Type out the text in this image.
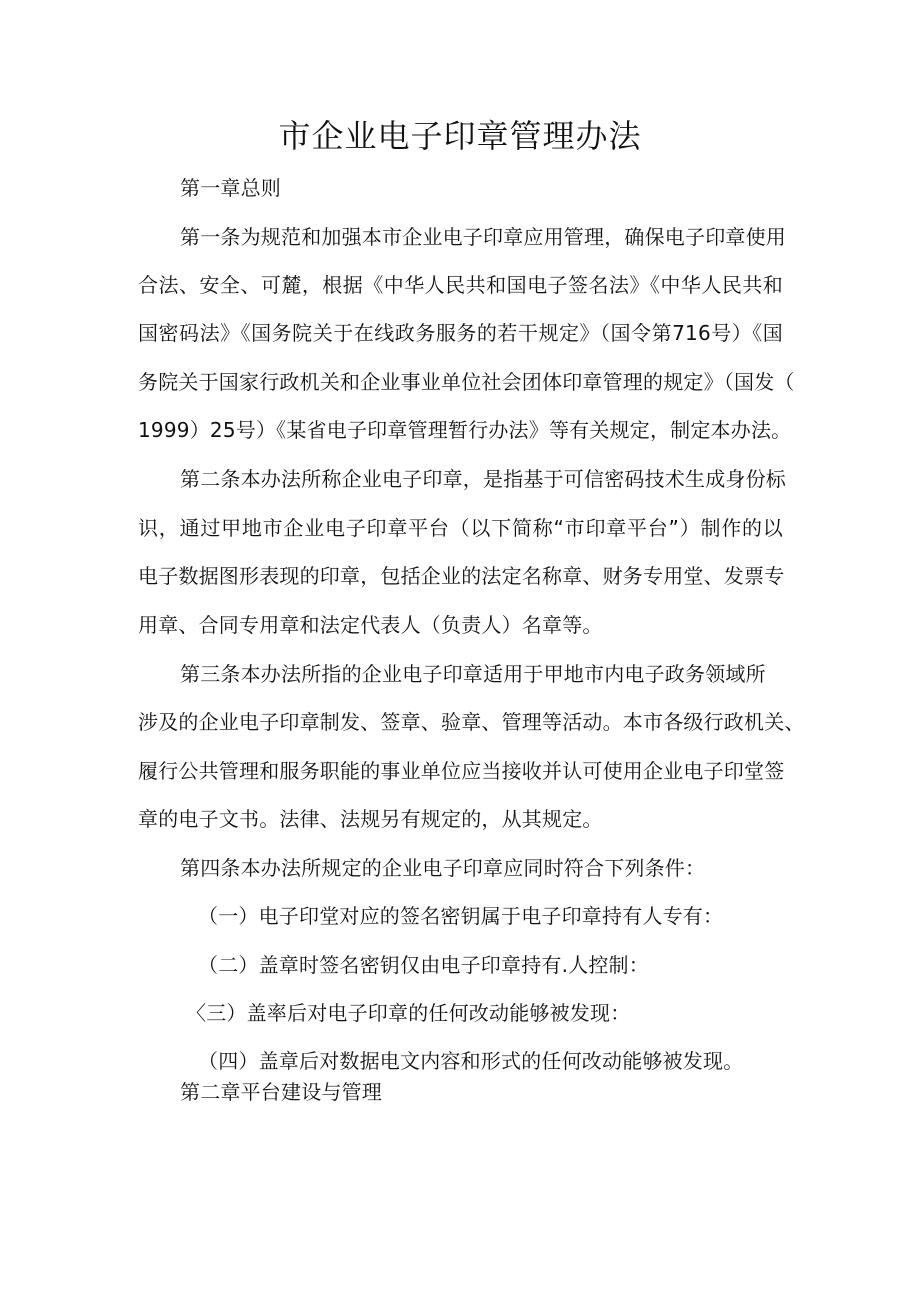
市企业电子印章管理办法

第一章总则

第一条为规范和加强本市企业电子印章应用管理，确保电子印章使用

合法、安全、可麓，根据《中华人民共和国电子签名法》《中华人民共和

国密码法》《国务院关于在线政务服务的若干规定》（国令第716号）《国

务院关于国家行政机关和企业事业单位社会团体印章管理的规定》（国发（

1999）25号）《某省电子印章管理暂行办法》等有关规定，制定本办法。

第二条本办法所称企业电子印章，是指基于可信密码技术生成身份标

识，通过甲地市企业电子印章平台（以下简称“市印章平台”）制作的以

电子数据图形表现的印章，包括企业的法定名称章、财务专用堂、发票专

用章、合同专用章和法定代表人（负责人）名章等。

第三条本办法所指的企业电子印章适用于甲地市内电子政务领域所

涉及的企业电子印章制发、签章、验章、管理等活动。本市各级行政机关、

履行公共管理和服务职能的事业单位应当接收并认可使用企业电子印堂签

章的电子文书。法律、法规另有规定的，从其规定。

第四条本办法所规定的企业电子印章应同时符合下列条件：

（一）电子印堂对应的签名密钥属于电子印章持有人专有：

（二）盖章时签名密钥仅由电子印章持有.人控制：

〈三）盖率后对电子印章的任何改动能够被发现：

（四）盖章后对数据电文内容和形式的任何改动能够被发现。

第二章平台建设与管理
